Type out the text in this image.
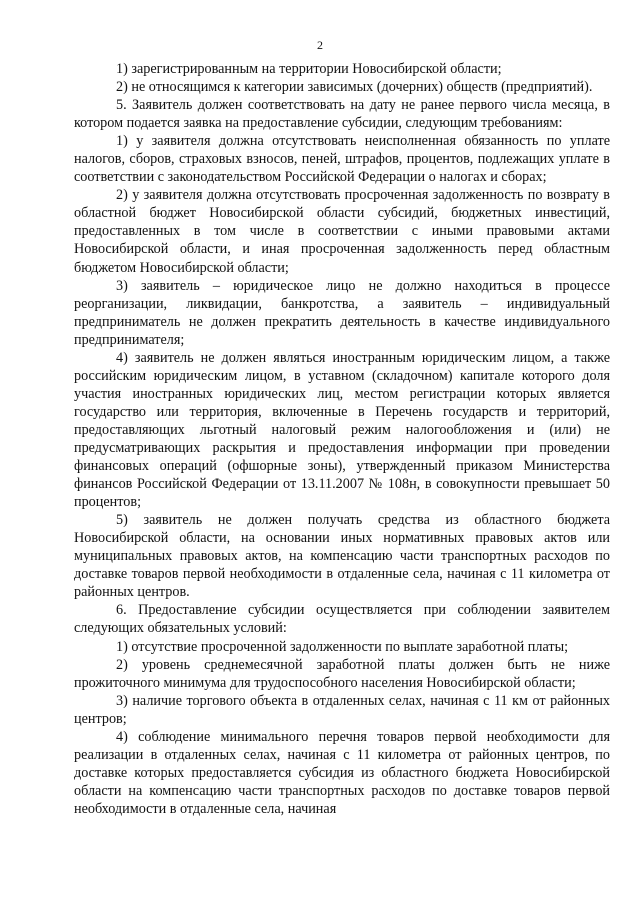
2

1) зарегистрированным на территории Новосибирской области;

2) не относящимся к категории зависимых (дочерних) обществ (предприятий).

5. Заявитель должен соответствовать на дату не ранее первого числа месяца, в котором подается заявка на предоставление субсидии, следующим требованиям:

1) у заявителя должна отсутствовать неисполненная обязанность по уплате налогов, сборов, страховых взносов, пеней, штрафов, процентов, подлежащих уплате в соответствии с законодательством Российской Федерации о налогах и сборах;

2) у заявителя должна отсутствовать просроченная задолженность по возврату в областной бюджет Новосибирской области субсидий, бюджетных инвестиций, предоставленных в том числе в соответствии с иными правовыми актами Новосибирской области, и иная просроченная задолженность перед областным бюджетом Новосибирской области;

3) заявитель – юридическое лицо не должно находиться в процессе реорганизации, ликвидации, банкротства, а заявитель – индивидуальный предприниматель не должен прекратить деятельность в качестве индивидуального предпринимателя;

4) заявитель не должен являться иностранным юридическим лицом, а также российским юридическим лицом, в уставном (складочном) капитале которого доля участия иностранных юридических лиц, местом регистрации которых является государство или территория, включенные в Перечень государств и территорий, предоставляющих льготный налоговый режим налогообложения и (или) не предусматривающих раскрытия и предоставления информации при проведении финансовых операций (офшорные зоны), утвержденный приказом Министерства финансов Российской Федерации от 13.11.2007 № 108н, в совокупности превышает 50 процентов;

5) заявитель не должен получать средства из областного бюджета Новосибирской области, на основании иных нормативных правовых актов или муниципальных правовых актов, на компенсацию части транспортных расходов по доставке товаров первой необходимости в отдаленные села, начиная с 11 километра от районных центров.

6. Предоставление субсидии осуществляется при соблюдении заявителем следующих обязательных условий:

1) отсутствие просроченной задолженности по выплате заработной платы;

2) уровень среднемесячной заработной платы должен быть не ниже прожиточного минимума для трудоспособного населения Новосибирской области;

3) наличие торгового объекта в отдаленных селах, начиная с 11 км от районных центров;

4) соблюдение минимального перечня товаров первой необходимости для реализации в отдаленных селах, начиная с 11 километра от районных центров, по доставке которых предоставляется субсидия из областного бюджета Новосибирской области на компенсацию части транспортных расходов по доставке товаров первой необходимости в отдаленные села, начиная
